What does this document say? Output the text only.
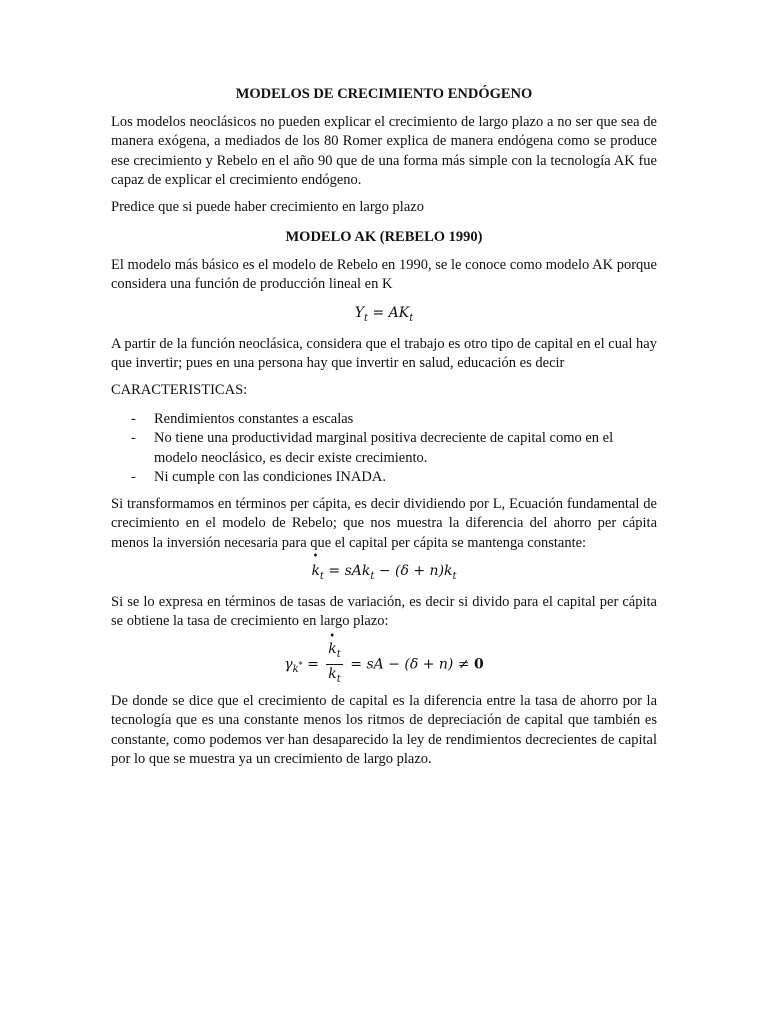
MODELOS DE CRECIMIENTO ENDÓGENO
Los modelos neoclásicos no pueden explicar el crecimiento de largo plazo a no ser que sea de manera exógena, a mediados de los 80 Romer explica de manera endógena como se produce ese crecimiento y Rebelo en el año 90 que de una forma más simple con la tecnología AK fue capaz de explicar el crecimiento endógeno.
Predice que si puede haber crecimiento en largo plazo
MODELO AK (REBELO 1990)
El modelo más básico es el modelo de Rebelo en 1990, se le conoce como modelo AK porque considera una función de producción lineal en K
$Y_t = AK_t$
A partir de la función neoclásica, considera que el trabajo es otro tipo de capital en el cual hay que invertir; pues en una persona hay que invertir en salud, educación es decir
CARACTERISTICAS:
- Rendimientos constantes a escalas
- No tiene una productividad marginal positiva decreciente de capital como en el modelo neoclásico, es decir existe crecimiento.
- Ni cumple con las condiciones INADA.
Si transformamos en términos per cápita, es decir dividiendo por L, Ecuación fundamental de crecimiento en el modelo de Rebelo; que nos muestra la diferencia del ahorro per cápita menos la inversión necesaria para que el capital per cápita se mantenga constante:
• $k_t = sAk_t - (\delta + n)k_t$
Si se lo expresa en términos de tasas de variación, es decir si divido para el capital per cápita se obtiene la tasa de crecimiento en largo plazo:
$\gamma_{k^*}$ =
• $\frac{k_t}{k_t}$ = sA − (δ + n) ≠ 0
De donde se dice que el crecimiento de capital es la diferencia entre la tasa de ahorro por la tecnología que es una constante menos los ritmos de depreciación de capital que también es constante, como podemos ver han desaparecido la ley de rendimientos decrecientes de capital por lo que se muestra ya un crecimiento de largo plazo.
